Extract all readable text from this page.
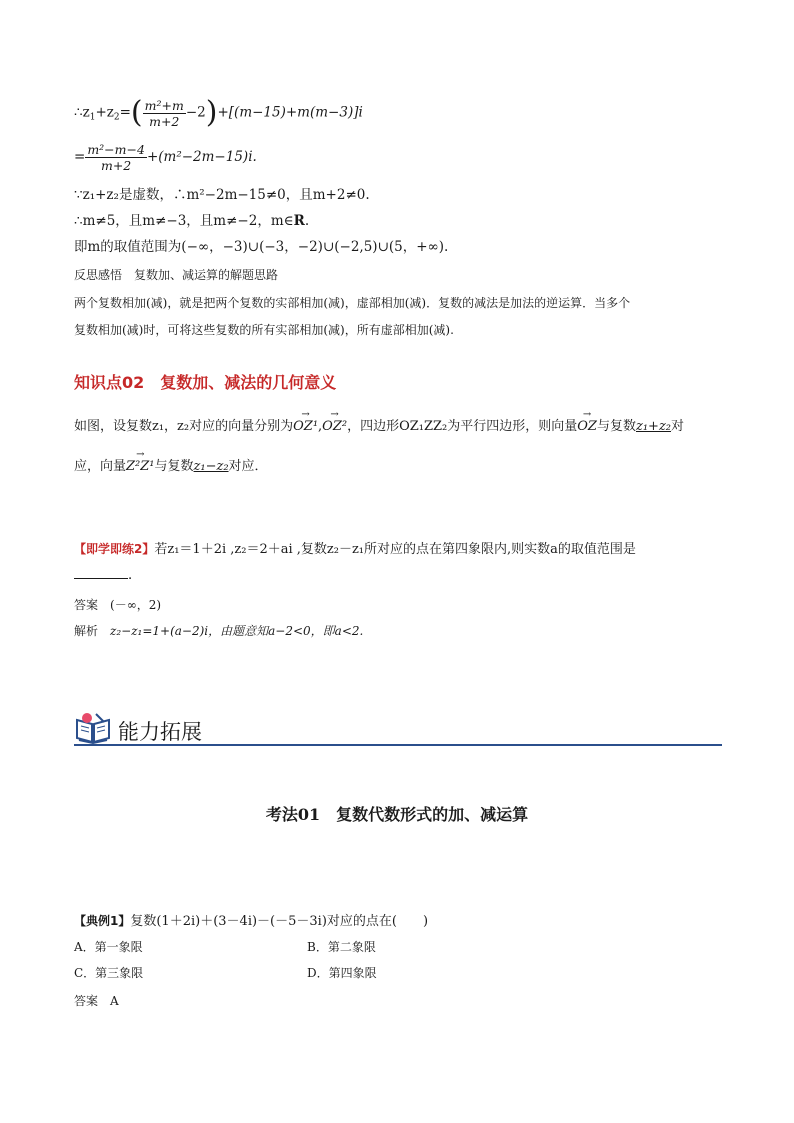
$\therefore z_1+z_2=( \frac{\text{m²+m}}{m+2} -2)+[(m-15)+m(m-3)]i$
= $\frac{\text{m²−m−4}}{m+2} +(m^2-2m-15)i$.
∵z₁+z₂是虚数，∴m²−2m−15≠0，且m+2≠0.
∴m≠5，且m≠−3，且m≠−2，m∈R.
即m的取值范围为(−∞，−3)∪(−3，−2)∪(−2,5)∪(5，+∞).
反思感悟　复数加、减运算的解题思路
两个复数相加(减)，就是把两个复数的实部相加(减)，虚部相加(减)．复数的减法是加法的逆运算．当多个
复数相加(减)时，可将这些复数的所有实部相加(减)，所有虚部相加(减).
知识点02　复数加、减法的几何意义
如图，设复数z₁，z₂对应的向量分别为→ OZ¹,→ OZ²，四边形OZ₁ZZ₂为平行四边形，则向量→ OZ与复数z₁+z₂对
应，向量→ Z²Z¹与复数z₁−z₂对应．
【即学即练2】若z₁＝1＋2i ,z₂＝2＋ai ,复数z₂－z₁所对应的点在第四象限内,则实数a的取值范围是
．
答案　 (－∞，2)
解析　 z₂−z₁=1+(a−2)i，由题意知a−2<0，即a<2.
能力拓展
考法01　复数代数形式的加、减运算
【典例1】复数(1＋2i)＋(3－4i)－(－5－3i)对应的点在(　　)
A．第一象限	B．第二象限
C．第三象限	D．第四象限
答案　 A
